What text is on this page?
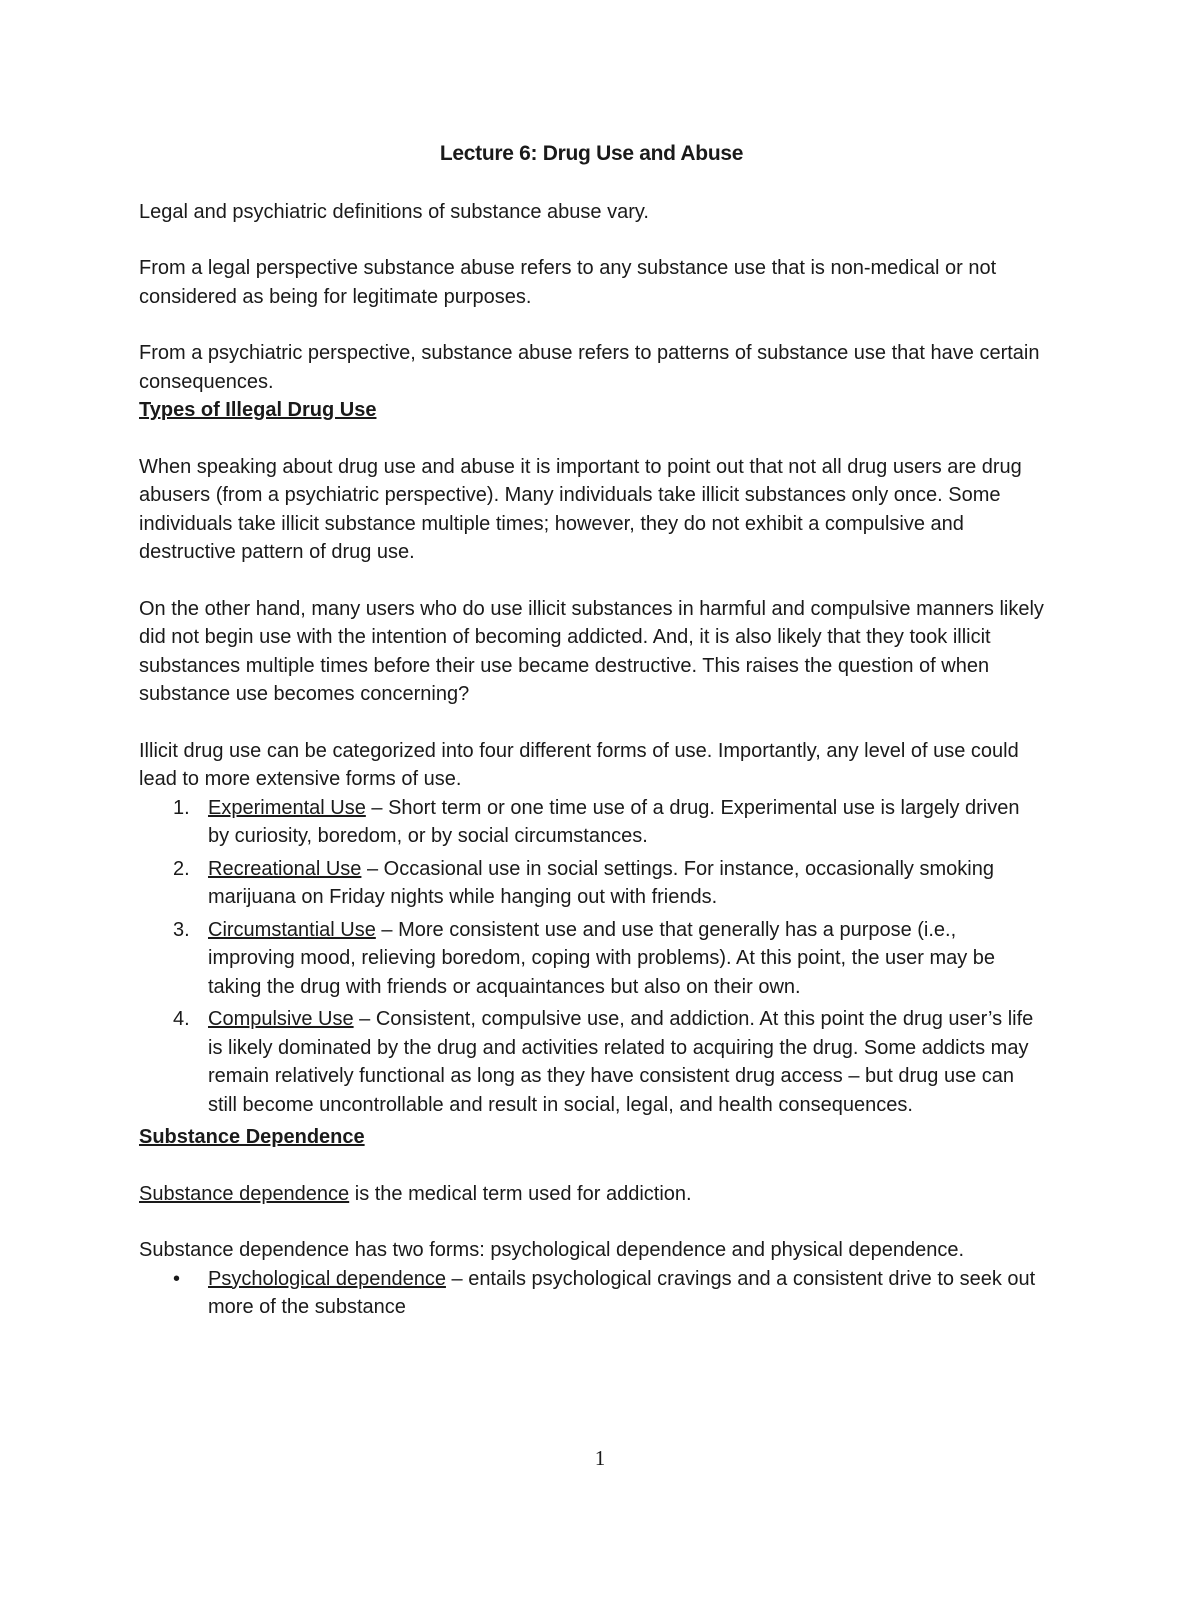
Lecture 6: Drug Use and Abuse

Legal and psychiatric definitions of substance abuse vary.

From a legal perspective substance abuse refers to any substance use that is non-medical or not considered as being for legitimate purposes.

From a psychiatric perspective, substance abuse refers to patterns of substance use that have certain consequences.

Types of Illegal Drug Use

When speaking about drug use and abuse it is important to point out that not all drug users are drug abusers (from a psychiatric perspective). Many individuals take illicit substances only once. Some individuals take illicit substance multiple times; however, they do not exhibit a compulsive and destructive pattern of drug use.

On the other hand, many users who do use illicit substances in harmful and compulsive manners likely did not begin use with the intention of becoming addicted. And, it is also likely that they took illicit substances multiple times before their use became destructive. This raises the question of when substance use becomes concerning?

Illicit drug use can be categorized into four different forms of use. Importantly, any level of use could lead to more extensive forms of use.

1. Experimental Use – Short term or one time use of a drug. Experimental use is largely driven by curiosity, boredom, or by social circumstances.
2. Recreational Use – Occasional use in social settings. For instance, occasionally smoking marijuana on Friday nights while hanging out with friends.
3. Circumstantial Use – More consistent use and use that generally has a purpose (i.e., improving mood, relieving boredom, coping with problems). At this point, the user may be taking the drug with friends or acquaintances but also on their own.
4. Compulsive Use – Consistent, compulsive use, and addiction. At this point the drug user’s life is likely dominated by the drug and activities related to acquiring the drug. Some addicts may remain relatively functional as long as they have consistent drug access – but drug use can still become uncontrollable and result in social, legal, and health consequences.

Substance Dependence

Substance dependence is the medical term used for addiction.

Substance dependence has two forms: psychological dependence and physical dependence.

• Psychological dependence – entails psychological cravings and a consistent drive to seek out more of the substance
1
